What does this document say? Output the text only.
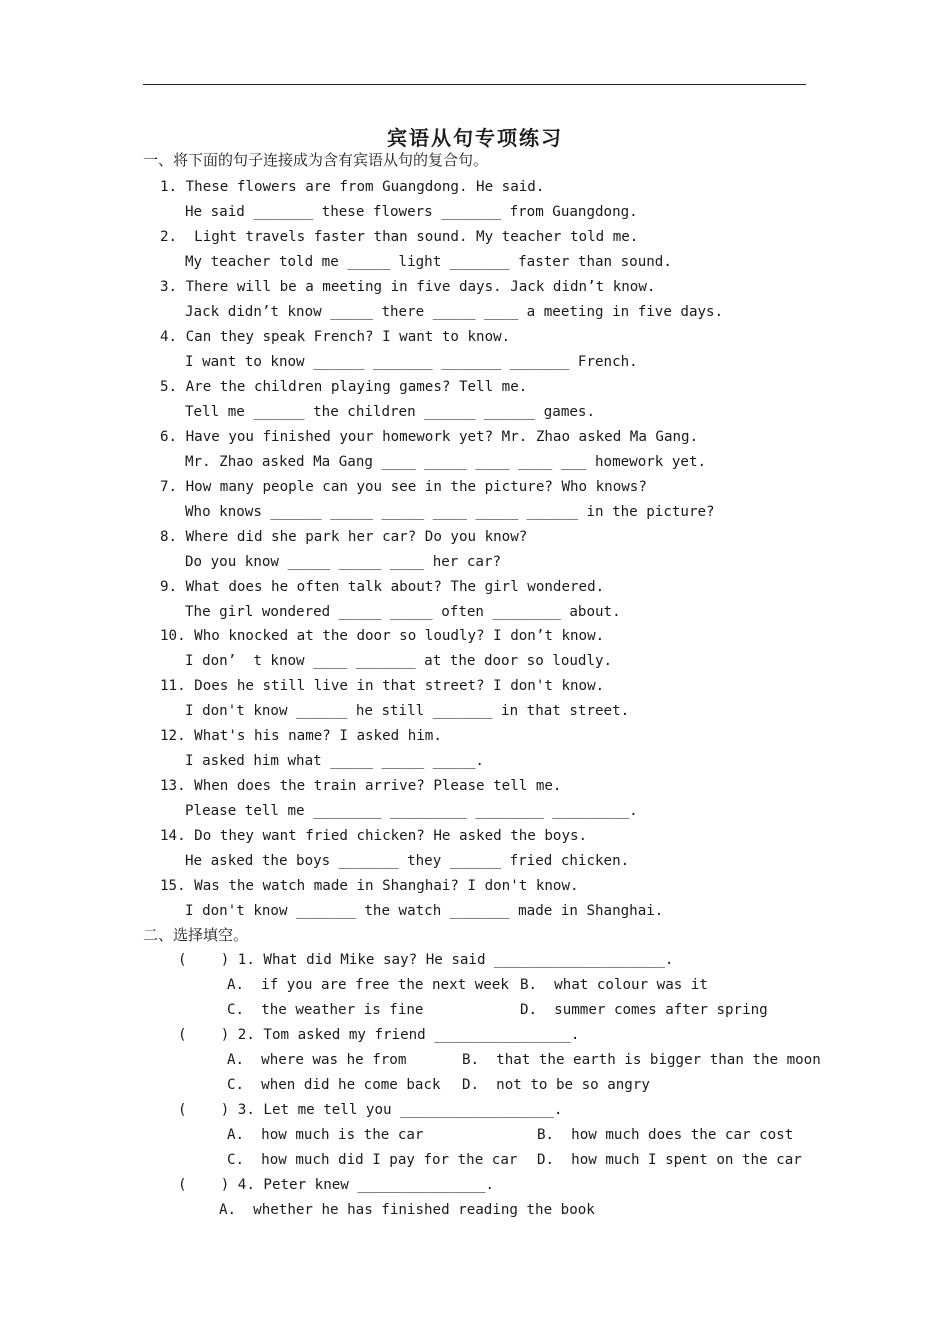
宾语从句专项练习
一、将下面的句子连接成为含有宾语从句的复合句。
1. These flowers are from Guangdong. He said.
He said _______ these flowers _______ from Guangdong.
2.  Light travels faster than sound. My teacher told me.
My teacher told me _____ light _______ faster than sound.
3. There will be a meeting in five days. Jack didn’t know.
Jack didn’t know _____ there _____ ____ a meeting in five days.
4. Can they speak French? I want to know.
I want to know ______ _______ _______ _______ French.
5. Are the children playing games? Tell me.
Tell me ______ the children ______ ______ games.
6. Have you finished your homework yet? Mr. Zhao asked Ma Gang.
Mr. Zhao asked Ma Gang ____ _____ ____ ____ ___ homework yet.
7. How many people can you see in the picture? Who knows?
Who knows ______ _____ _____ ____ _____ ______ in the picture?
8. Where did she park her car? Do you know?
Do you know _____ _____ ____ her car?
9. What does he often talk about? The girl wondered.
The girl wondered _____ _____ often ________ about.
10. Who knocked at the door so loudly? I don’t know.
I don’  t know ____ _______ at the door so loudly.
11. Does he still live in that street? I don't know.
I don't know ______ he still _______ in that street.
12. What's his name? I asked him.
I asked him what _____ _____ _____.
13. When does the train arrive? Please tell me.
Please tell me ________ _________ ________ _________.
14. Do they want fried chicken? He asked the boys.
He asked the boys _______ they ______ fried chicken.
15. Was the watch made in Shanghai? I don't know.
I don't know _______ the watch _______ made in Shanghai.
二、选择填空。
(    ) 1. What did Mike say? He said ____________________.
A.  if you are free the next week B.  what colour was it
C.  the weather is fine	D.  summer comes after spring
(    ) 2. Tom asked my friend ________________.
A.  where was he from	B.  that the earth is bigger than the moon
C.  when did he come back D.  not to be so angry
(    ) 3. Let me tell you __________________.
A.  how much is the car	B.  how much does the car cost
C.  how much did I pay for the car D.  how much I spent on the car
(    ) 4. Peter knew _______________.
A.  whether he has finished reading the book
